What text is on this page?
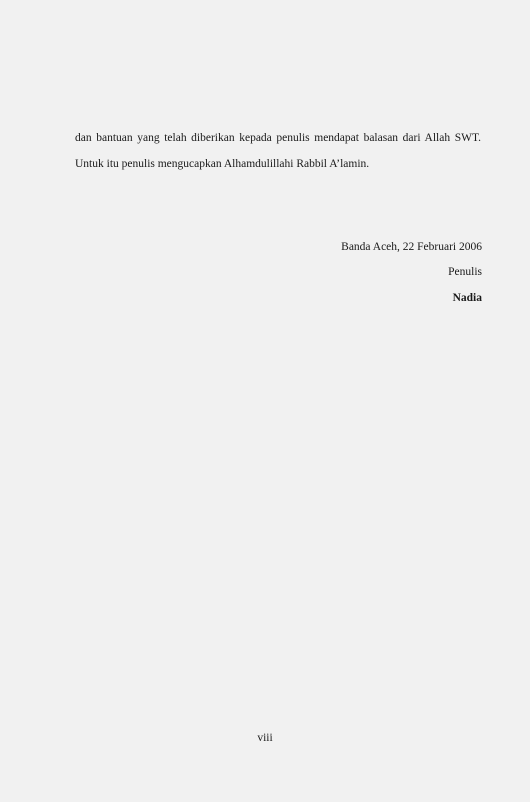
dan bantuan yang telah diberikan kepada penulis mendapat balasan dari Allah SWT.
Untuk itu penulis mengucapkan Alhamdulillahi Rabbil A’lamin.
Banda Aceh, 22 Februari 2006
Penulis
Nadia
viii
